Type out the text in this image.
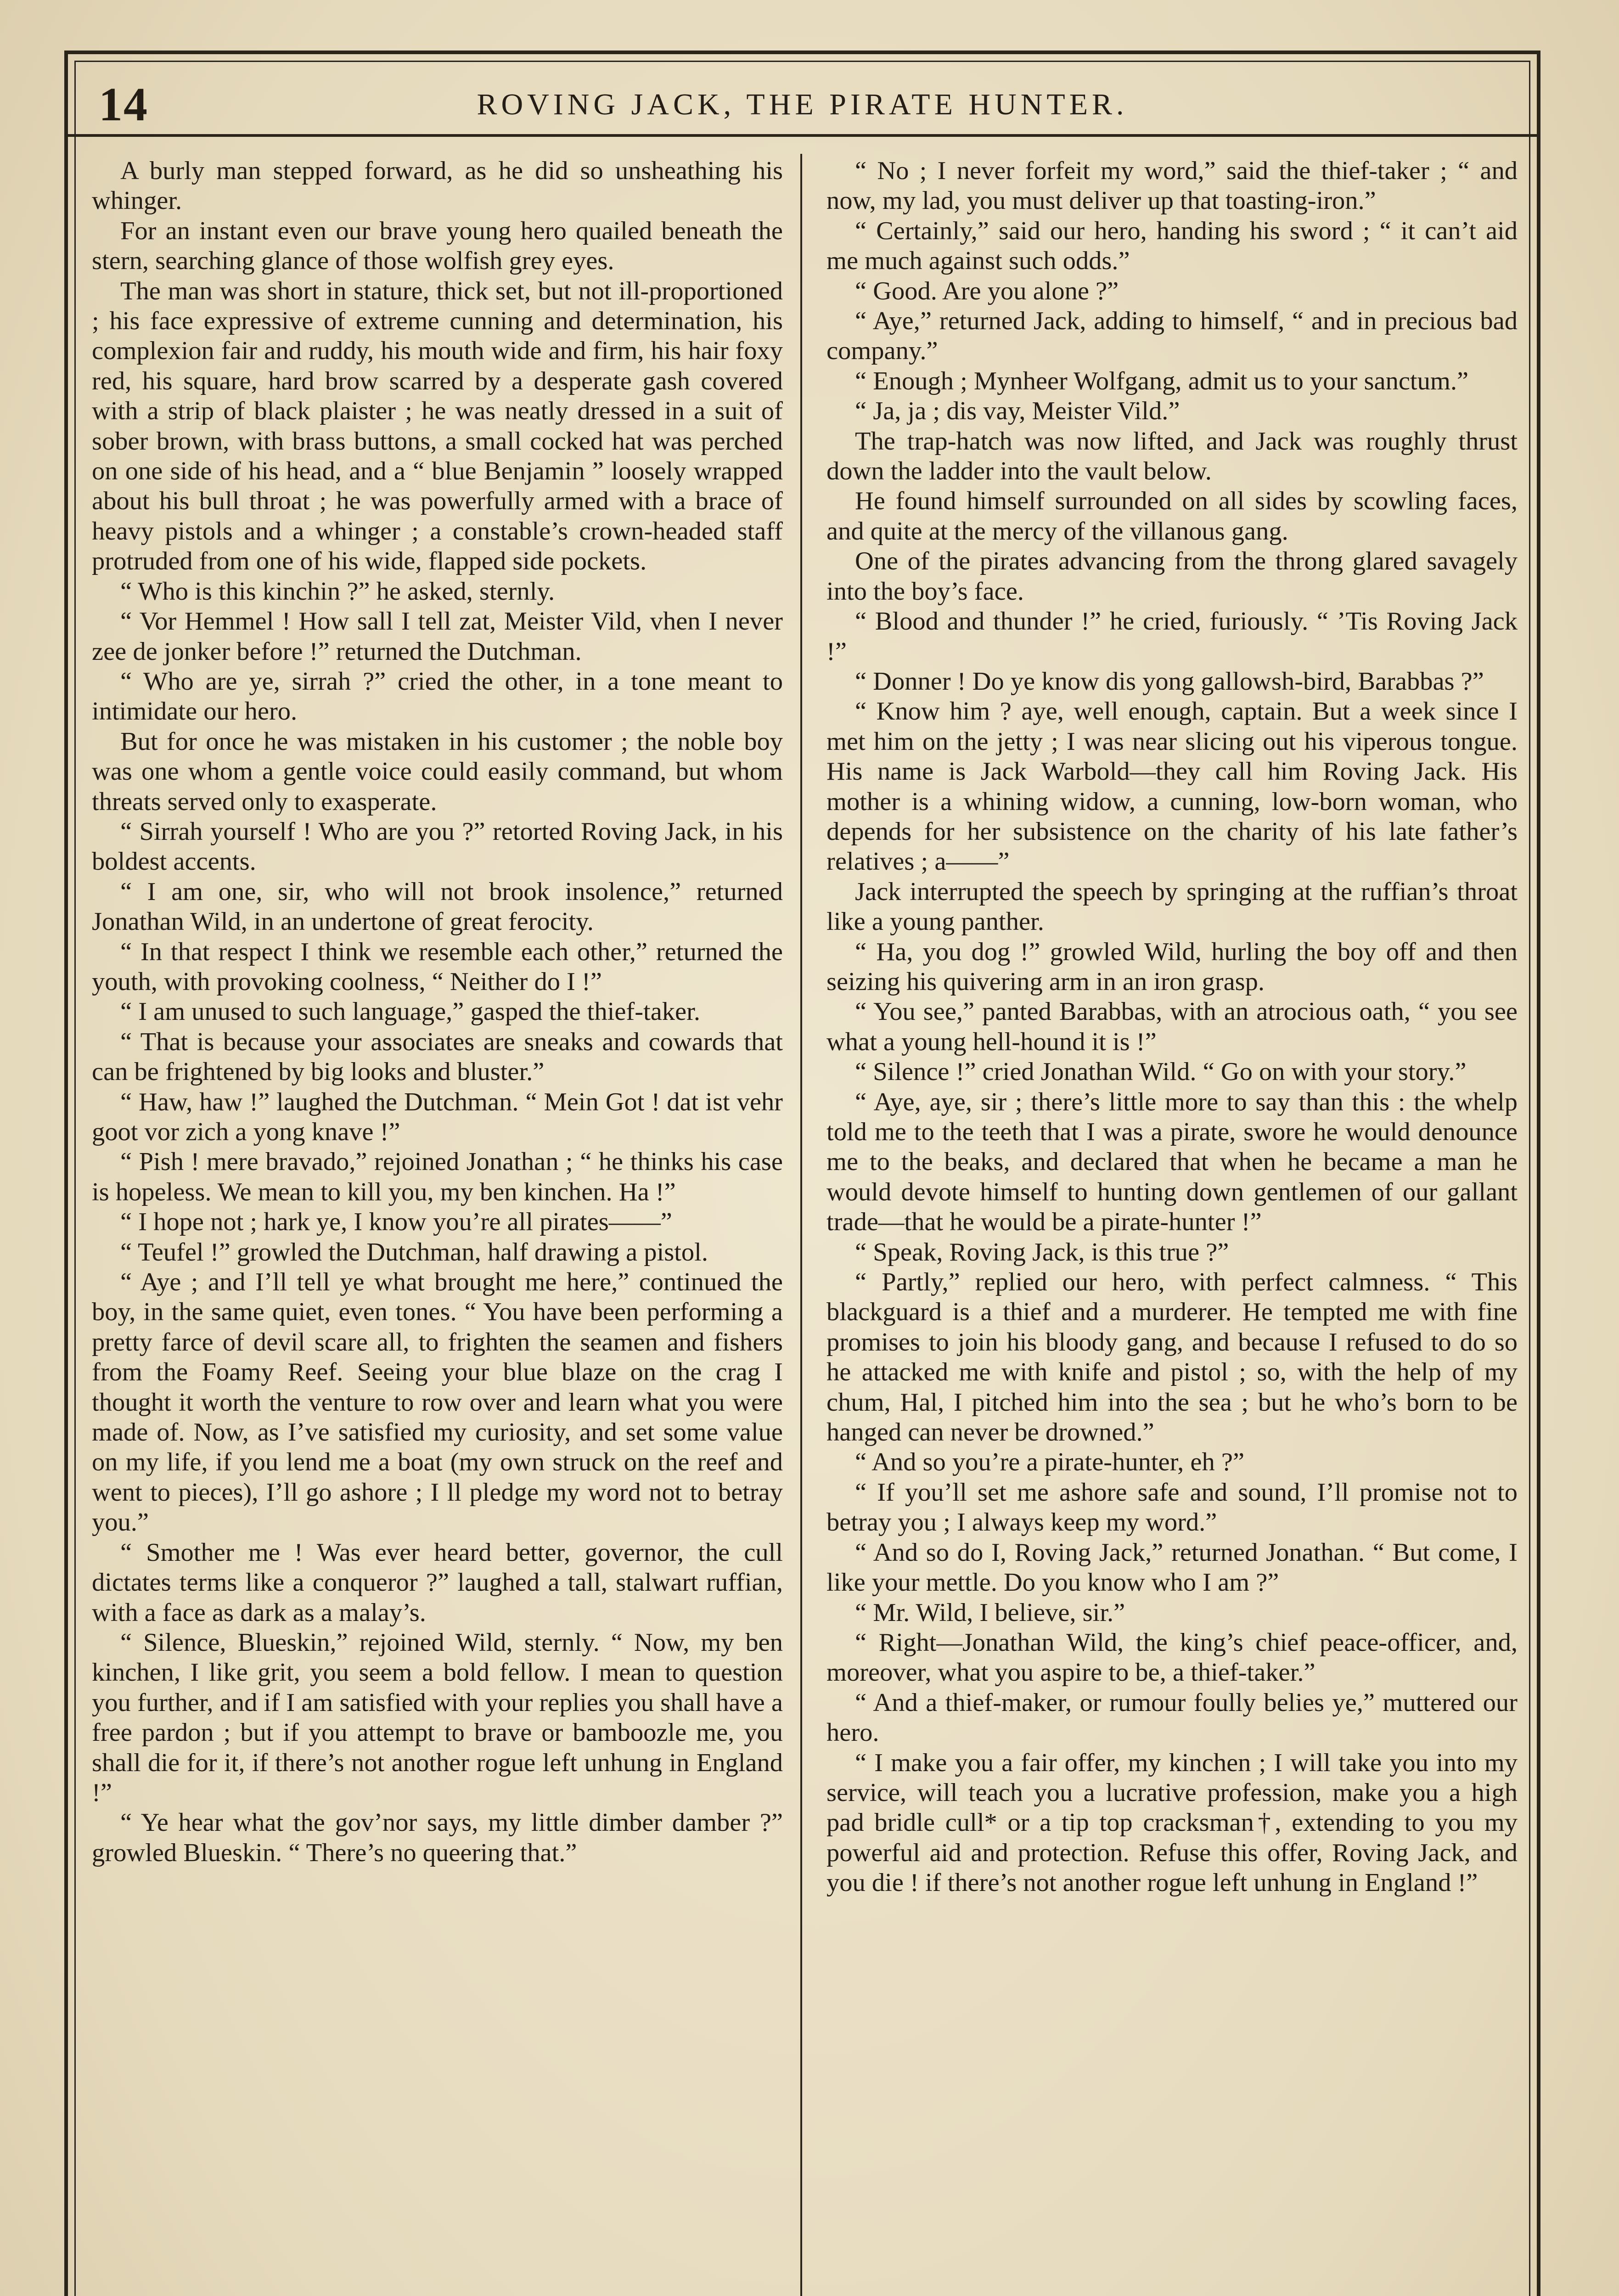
14	ROVING JACK, THE PIRATE HUNTER.

A burly man stepped forward, as he did so unsheathing his whinger.

For an instant even our brave young hero quailed beneath the stern, searching glance of those wolfish grey eyes.

The man was short in stature, thick set, but not ill-proportioned ; his face expressive of extreme cunning and determination, his complexion fair and ruddy, his mouth wide and firm, his hair foxy red, his square, hard brow scarred by a desperate gash covered with a strip of black plaister ; he was neatly dressed in a suit of sober brown, with brass buttons, a small cocked hat was perched on one side of his head, and a “ blue Benjamin ” loosely wrapped about his bull throat ; he was powerfully armed with a brace of heavy pistols and a whinger ; a constable’s crown-headed staff protruded from one of his wide, flapped side pockets.

“ Who is this kinchin ?” he asked, sternly.

“ Vor Hemmel ! How sall I tell zat, Meister Vild, vhen I never zee de jonker before !” returned the Dutchman.

“ Who are ye, sirrah ?” cried the other, in a tone meant to intimidate our hero.

But for once he was mistaken in his customer ; the noble boy was one whom a gentle voice could easily command, but whom threats served only to exasperate.

“ Sirrah yourself ! Who are you ?” retorted Roving Jack, in his boldest accents.

“ I am one, sir, who will not brook insolence,” returned Jonathan Wild, in an undertone of great ferocity.

“ In that respect I think we resemble each other,” returned the youth, with provoking coolness, “ Neither do I !”

“ I am unused to such language,” gasped the thief-taker.

“ That is because your associates are sneaks and cowards that can be frightened by big looks and bluster.”

“ Haw, haw !” laughed the Dutchman. “ Mein Got ! dat ist vehr goot vor zich a yong knave !”

“ Pish ! mere bravado,” rejoined Jonathan ; “ he thinks his case is hopeless. We mean to kill you, my ben kinchen. Ha !”

“ I hope not ; hark ye, I know you’re all pirates——”

“ Teufel !” growled the Dutchman, half drawing a pistol.

“ Aye ; and I’ll tell ye what brought me here,” continued the boy, in the same quiet, even tones. “ You have been performing a pretty farce of devil scare all, to frighten the seamen and fishers from the Foamy Reef. Seeing your blue blaze on the crag I thought it worth the venture to row over and learn what you were made of. Now, as I’ve satisfied my curiosity, and set some value on my life, if you lend me a boat (my own struck on the reef and went to pieces), I’ll go ashore ; I ll pledge my word not to betray you.”

“ Smother me ! Was ever heard better, governor, the cull dictates terms like a conqueror ?” laughed a tall, stalwart ruffian, with a face as dark as a malay’s.

“ Silence, Blueskin,” rejoined Wild, sternly. “ Now, my ben kinchen, I like grit, you seem a bold fellow. I mean to question you further, and if I am satisfied with your replies you shall have a free pardon ; but if you attempt to brave or bamboozle me, you shall die for it, if there’s not another rogue left unhung in England !”

“ Ye hear what the gov’nor says, my little dimber damber ?” growled Blueskin. “ There’s no queering that.”

“ No ; I never forfeit my word,” said the thief-taker ; “ and now, my lad, you must deliver up that toasting-iron.”

“ Certainly,” said our hero, handing his sword ; “ it can’t aid me much against such odds.”

“ Good. Are you alone ?”

“ Aye,” returned Jack, adding to himself, “ and in precious bad company.”

“ Enough ; Mynheer Wolfgang, admit us to your sanctum.”

“ Ja, ja ; dis vay, Meister Vild.”

The trap-hatch was now lifted, and Jack was roughly thrust down the ladder into the vault below.

He found himself surrounded on all sides by scowling faces, and quite at the mercy of the villanous gang.

One of the pirates advancing from the throng glared savagely into the boy’s face.

“ Blood and thunder !” he cried, furiously. “ ’Tis Roving Jack !”

“ Donner ! Do ye know dis yong gallowsh-bird, Barabbas ?”

“ Know him ? aye, well enough, captain. But a week since I met him on the jetty ; I was near slicing out his viperous tongue. His name is Jack Warbold—they call him Roving Jack. His mother is a whining widow, a cunning, low-born woman, who depends for her subsistence on the charity of his late father’s relatives ; a——”

Jack interrupted the speech by springing at the ruffian’s throat like a young panther.

“ Ha, you dog !” growled Wild, hurling the boy off and then seizing his quivering arm in an iron grasp.

“ You see,” panted Barabbas, with an atrocious oath, “ you see what a young hell-hound it is !”

“ Silence !” cried Jonathan Wild. “ Go on with your story.”

“ Aye, aye, sir ; there’s little more to say than this : the whelp told me to the teeth that I was a pirate, swore he would denounce me to the beaks, and declared that when he became a man he would devote himself to hunting down gentlemen of our gallant trade—that he would be a pirate-hunter !”

“ Speak, Roving Jack, is this true ?”

“ Partly,” replied our hero, with perfect calmness. “ This blackguard is a thief and a murderer. He tempted me with fine promises to join his bloody gang, and because I refused to do so he attacked me with knife and pistol ; so, with the help of my chum, Hal, I pitched him into the sea ; but he who’s born to be hanged can never be drowned.”

“ And so you’re a pirate-hunter, eh ?”

“ If you’ll set me ashore safe and sound, I’ll promise not to betray you ; I always keep my word.”

“ And so do I, Roving Jack,” returned Jonathan. “ But come, I like your mettle. Do you know who I am ?”

“ Mr. Wild, I believe, sir.”

“ Right—Jonathan Wild, the king’s chief peace-officer, and, moreover, what you aspire to be, a thief-taker.”

“ And a thief-maker, or rumour foully belies ye,” muttered our hero.

“ I make you a fair offer, my kinchen ; I will take you into my service, will teach you a lucrative profession, make you a high pad bridle cull* or a tip top cracksman†, extending to you my powerful aid and protection. Refuse this offer, Roving Jack, and you die ! if there’s not another rogue left unhung in England !”
